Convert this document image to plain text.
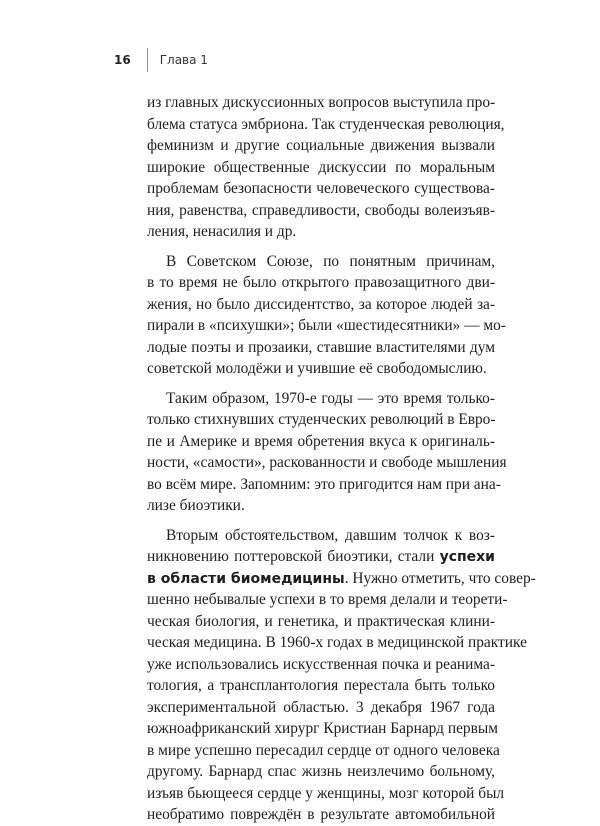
16 Глава 1
из главных дискуссионных вопросов выступила про-
блема статуса эмбриона. Так студенческая революция,
феминизм и другие социальные движения вызвали
широкие общественные дискуссии по моральным
проблемам безопасности человеческого существова-
ния, равенства, справедливости, свободы волеизъяв-
ления, ненасилия и др.
В Советском Союзе, по понятным причинам,
в то время не было открытого правозащитного дви-
жения, но было диссидентство, за которое людей за-
пирали в «психушки»; были «шестидесятники» — мо-
лодые поэты и прозаики, ставшие властителями дум
советской молодёжи и учившие её свободомыслию.
Таким образом, 1970-е годы — это время только-
только стихнувших студенческих революций в Евро-
пе и Америке и время обретения вкуса к оригиналь-
ности, «самости», раскованности и свободе мышления
во всём мире. Запомним: это пригодится нам при ана-
лизе биоэтики.
Вторым обстоятельством, давшим толчок к воз-
никновению поттеровской биоэтики, стали успехи
в области биомедицины. Нужно отметить, что совер-
шенно небывалые успехи в то время делали и теорети-
ческая биология, и генетика, и практическая клини-
ческая медицина. В 1960-х годах в медицинской практике
уже использовались искусственная почка и реанима-
тология, а трансплантология перестала быть только
экспериментальной областью. 3 декабря 1967 года
южноафриканский хирург Кристиан Барнард первым
в мире успешно пересадил сердце от одного человека
другому. Барнард спас жизнь неизлечимо больному,
изъяв бьющееся сердце у женщины, мозг которой был
необратимо повреждён в результате автомобильной
